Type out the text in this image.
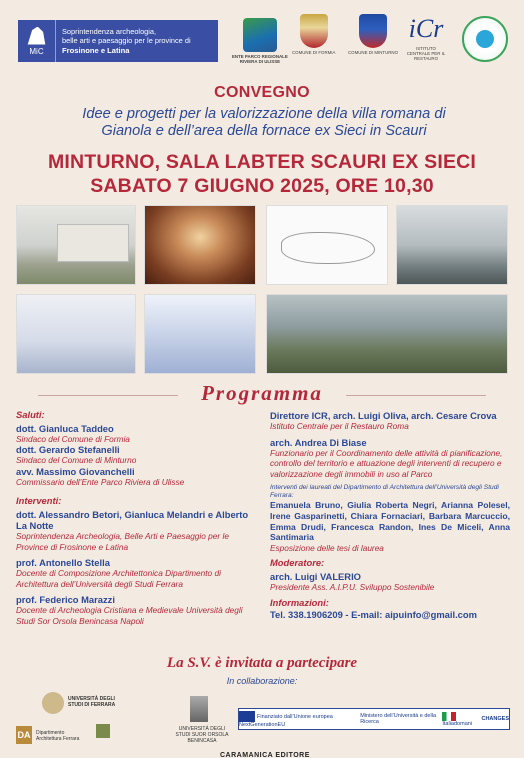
MiC
Soprintendenza archeologia,
belle arti e paesaggio per le province di
Frosinone e Latina
ENTE PARCO REGIONALE
RIVIERA DI ULISSE
COMUNE DI FORMIA	COMUNE DI MINTURNO
iCr
ISTITUTO CENTRALE PER IL RESTAURO
CONVEGNO
Idee e progetti per la valorizzazione della villa romana di
Gianola e dell’area della fornace ex Sieci in Scauri
MINTURNO, SALA LABTER SCAURI EX SIECI
SABATO 7 GIUGNO 2025, ORE 10,30
Programma
Saluti:
dott. Gianluca Taddeo
Sindaco del Comune di Formia
dott. Gerardo Stefanelli
Sindaco del Comune di Minturno
avv. Massimo Giovanchelli
Commissario dell’Ente Parco Riviera di Ulisse
Interventi:
dott. Alessandro Betori, Gianluca Melandri e Alberto La Notte
Soprintendenza Archeologia, Belle Arti e Paesaggio per le Province di Frosinone e Latina
prof. Antonello Stella
Docente di Composizione Architettonica Dipartimento di Architettura dell’Università degli Studi Ferrara
prof. Federico Marazzi
Docente di Archeologia Cristiana e Medievale Università degli Studi Sor Orsola Benincasa Napoli
Direttore ICR, arch. Luigi Oliva, arch. Cesare Crova
Istituto Centrale per il Restauro Roma
arch. Andrea Di Biase
Funzionario per il Coordinamento delle attività di pianificazione, controllo del territorio e attuazione degli interventi di recupero e valorizzazione degli immobili in uso al Parco
Interventi dei laureati del Dipartimento di Architettura dell’Università degli Studi Ferrara:
Emanuela Bruno, Giulia Roberta Negri, Arianna Polesel, Irene Gasparinetti, Chiara Fornaciari, Barbara Marcuccio, Emma Drudi, Francesca Randon, Ines De Miceli, Anna Santimaria
Esposizione delle tesi di laurea
Moderatore:
arch. Luigi VALERIO
Presidente Ass. A.I.P.U. Sviluppo Sostenibile
Informazioni:
Tel. 338.1906209 - E-mail: aipuinfo@gmail.com
La S.V. è invitata a partecipare
In collaborazione:
UNIVERSITÀ DEGLI STUDI DI FERRARA
DA	Dipartimento Architettura Ferrara
UNIVERSITÀ DEGLI STUDI SUOR ORSOLA BENINCASA
Finanziato dall’Unione europea NextGenerationEU
Ministero dell’Università e della Ricerca	Italiadomani
CHANGES
CARAMANICA EDITORE
